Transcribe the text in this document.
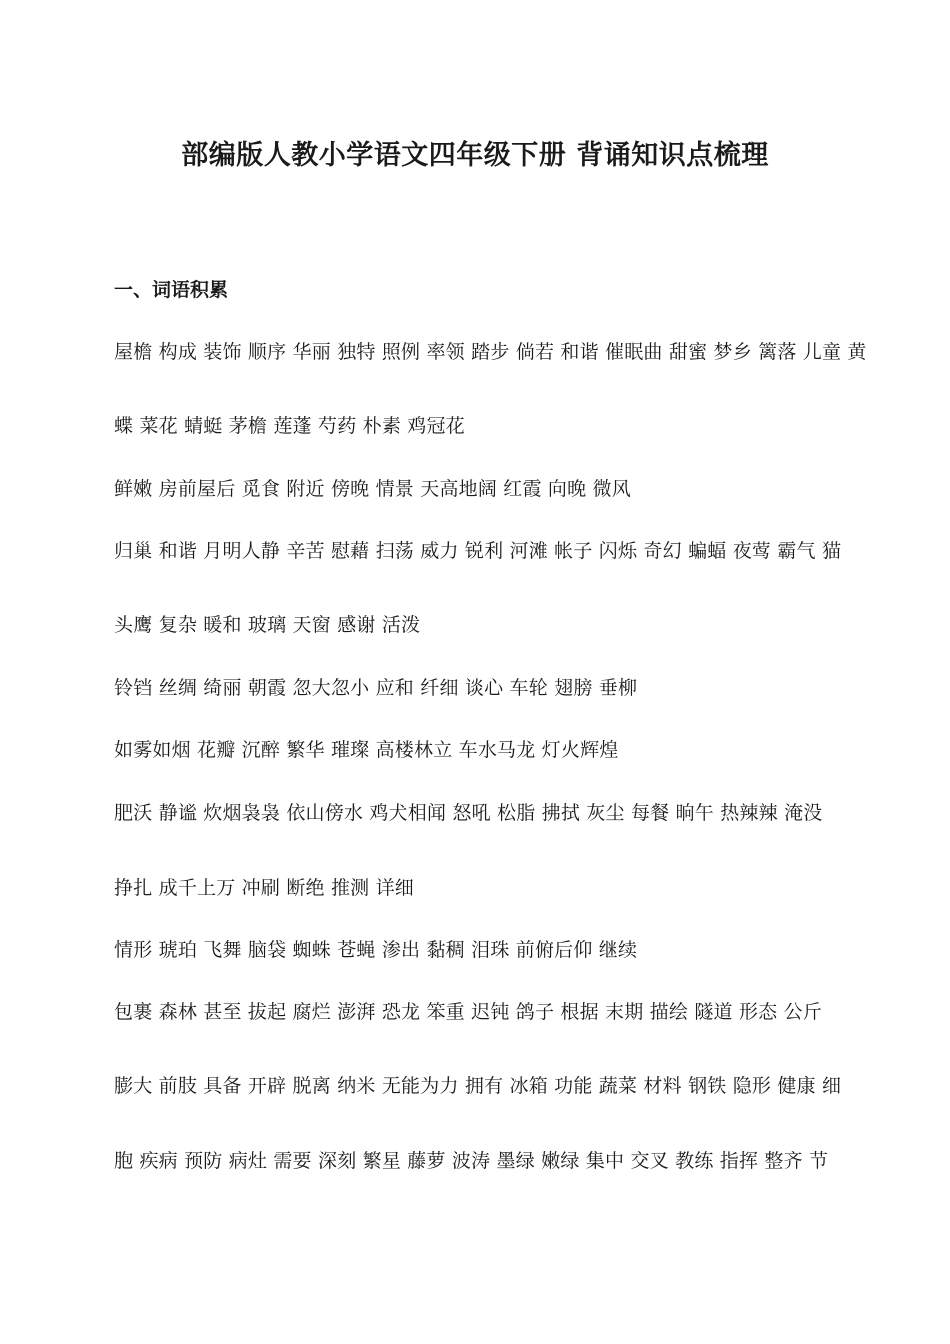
部编版人教小学语文四年级下册 背诵知识点梳理
一、词语积累
屋檐 构成 装饰 顺序 华丽 独特 照例 率领 踏步 倘若 和谐 催眠曲 甜蜜 梦乡 篱落 儿童 黄
蝶 菜花 蜻蜓 茅檐 莲蓬 芍药 朴素 鸡冠花
鲜嫩 房前屋后 觅食 附近 傍晚 情景 天高地阔 红霞 向晚 微风
归巢 和谐 月明人静 辛苦 慰藉 扫荡 威力 锐利 河滩 帐子 闪烁 奇幻 蝙蝠 夜莺 霸气 猫
头鹰 复杂 暖和 玻璃 天窗 感谢 活泼
铃铛 丝绸 绮丽 朝霞 忽大忽小 应和 纤细 谈心 车轮 翅膀 垂柳
如雾如烟 花瓣 沉醉 繁华 璀璨 高楼林立 车水马龙 灯火辉煌
肥沃 静谧 炊烟袅袅 依山傍水 鸡犬相闻 怒吼 松脂 拂拭 灰尘 每餐 晌午 热辣辣 淹没
挣扎 成千上万 冲刷 断绝 推测 详细
情形 琥珀 飞舞 脑袋 蜘蛛 苍蝇 渗出 黏稠 泪珠 前俯后仰 继续
包裹 森林 甚至 拔起 腐烂 澎湃 恐龙 笨重 迟钝 鸽子 根据 末期 描绘 隧道 形态 公斤
膨大 前肢 具备 开辟 脱离 纳米 无能为力 拥有 冰箱 功能 蔬菜 材料 钢铁 隐形 健康 细
胞 疾病 预防 病灶 需要 深刻 繁星 藤萝 波涛 墨绿 嫩绿 集中 交叉 教练 指挥 整齐 节
